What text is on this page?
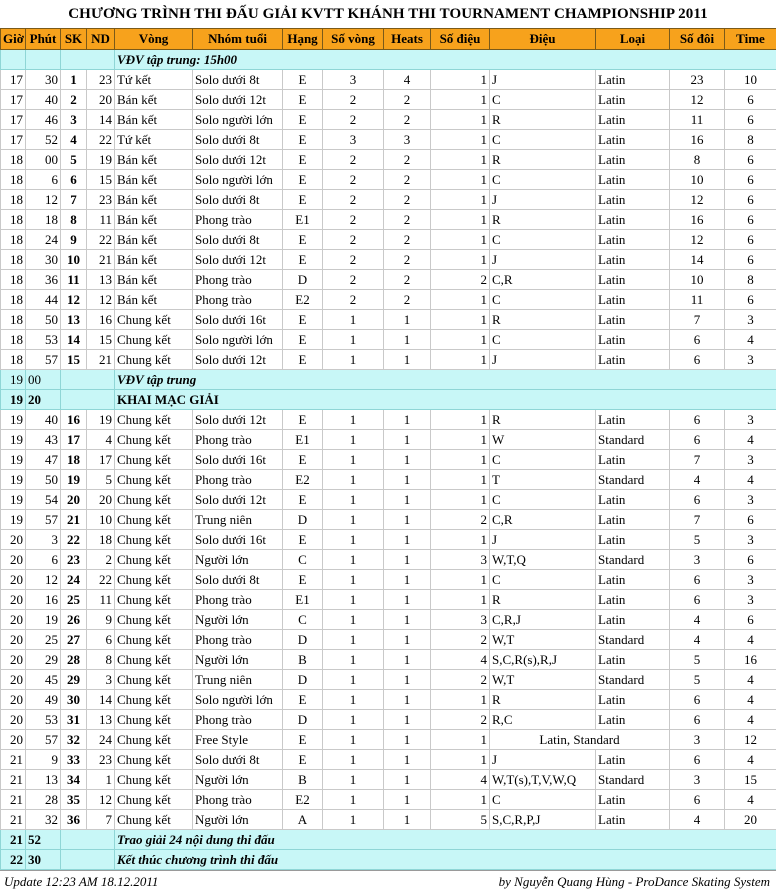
CHƯƠNG TRÌNH THI ĐẤU GIẢI KVTT KHÁNH THI TOURNAMENT CHAMPIONSHIP 2011
Giờ	Phút	SK	ND	Vòng	Nhóm tuổi	Hạng	Số vòng	Heats	Số điệu	Điệu	Loại	Số đôi	Time
				VĐV tập trung: 15h00									
17	30	1	23	Tứ kết	Solo dưới 8t	E	3	4	1	J	Latin	23	10
17	40	2	20	Bán kết	Solo dưới 12t	E	2	2	1	C	Latin	12	6
17	46	3	14	Bán kết	Solo người lớn	E	2	2	1	R	Latin	11	6
17	52	4	22	Tứ kết	Solo dưới 8t	E	3	3	1	C	Latin	16	8
18	00	5	19	Bán kết	Solo dưới 12t	E	2	2	1	R	Latin	8	6
18	6	6	15	Bán kết	Solo người lớn	E	2	2	1	C	Latin	10	6
18	12	7	23	Bán kết	Solo dưới 8t	E	2	2	1	J	Latin	12	6
18	18	8	11	Bán kết	Phong trào	E1	2	2	1	R	Latin	16	6
18	24	9	22	Bán kết	Solo dưới 8t	E	2	2	1	C	Latin	12	6
18	30	10	21	Bán kết	Solo dưới 12t	E	2	2	1	J	Latin	14	6
18	36	11	13	Bán kết	Phong trào	D	2	2	2	C,R	Latin	10	8
18	44	12	12	Bán kết	Phong trào	E2	2	2	1	C	Latin	11	6
18	50	13	16	Chung kết	Solo dưới 16t	E	1	1	1	R	Latin	7	3
18	53	14	15	Chung kết	Solo người lớn	E	1	1	1	C	Latin	6	4
18	57	15	21	Chung kết	Solo dưới 12t	E	1	1	1	J	Latin	6	3
19	00			VĐV tập trung									
19	20			KHAI MẠC GIẢI									
19	40	16	19	Chung kết	Solo dưới 12t	E	1	1	1	R	Latin	6	3
19	43	17	4	Chung kết	Phong trào	E1	1	1	1	W	Standard	6	4
19	47	18	17	Chung kết	Solo dưới 16t	E	1	1	1	C	Latin	7	3
19	50	19	5	Chung kết	Phong trào	E2	1	1	1	T	Standard	4	4
19	54	20	20	Chung kết	Solo dưới 12t	E	1	1	1	C	Latin	6	3
19	57	21	10	Chung kết	Trung niên	D	1	1	2	C,R	Latin	7	6
20	3	22	18	Chung kết	Solo dưới 16t	E	1	1	1	J	Latin	5	3
20	6	23	2	Chung kết	Người lớn	C	1	1	3	W,T,Q	Standard	3	6
20	12	24	22	Chung kết	Solo dưới 8t	E	1	1	1	C	Latin	6	3
20	16	25	11	Chung kết	Phong trào	E1	1	1	1	R	Latin	6	3
20	19	26	9	Chung kết	Người lớn	C	1	1	3	C,R,J	Latin	4	6
20	25	27	6	Chung kết	Phong trào	D	1	1	2	W,T	Standard	4	4
20	29	28	8	Chung kết	Người lớn	B	1	1	4	S,C,R(s),R,J	Latin	5	16
20	45	29	3	Chung kết	Trung niên	D	1	1	2	W,T	Standard	5	4
20	49	30	14	Chung kết	Solo người lớn	E	1	1	1	R	Latin	6	4
20	53	31	13	Chung kết	Phong trào	D	1	1	2	R,C	Latin	6	4
20	57	32	24	Chung kết	Free Style	E	1	1	1	Latin, Standard		3	12
21	9	33	23	Chung kết	Solo dưới 8t	E	1	1	1	J	Latin	6	4
21	13	34	1	Chung kết	Người lớn	B	1	1	4	W,T(s),T,V,W,Q	Standard	3	15
21	28	35	12	Chung kết	Phong trào	E2	1	1	1	C	Latin	6	4
21	32	36	7	Chung kết	Người lớn	A	1	1	5	S,C,R,P,J	Latin	4	20
21	52			Trao giải 24 nội dung thi đấu									
22	30			Kết thúc chương trình thi đấu									
Update 12:23 AM 18.12.2011	by Nguyễn Quang Hùng - ProDance Skating System
